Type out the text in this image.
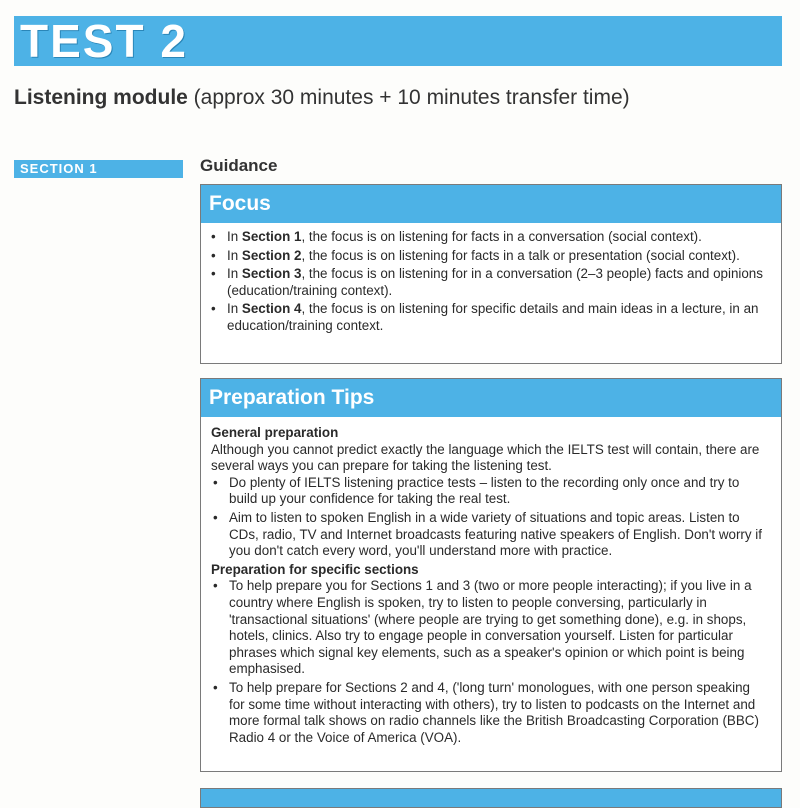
TEST 2
Listening module (approx 30 minutes + 10 minutes transfer time)
SECTION 1	Guidance
Focus
• In Section 1, the focus is on listening for facts in a conversation (social context).
• In Section 2, the focus is on listening for facts in a talk or presentation (social context).
• In Section 3, the focus is on listening for in a conversation (2–3 people) facts and opinions (education/training context).
• In Section 4, the focus is on listening for specific details and main ideas in a lecture, in an education/training context.
Preparation Tips
General preparation
Although you cannot predict exactly the language which the IELTS test will contain, there are several ways you can prepare for taking the listening test.
• Do plenty of IELTS listening practice tests – listen to the recording only once and try to build up your confidence for taking the real test.
• Aim to listen to spoken English in a wide variety of situations and topic areas. Listen to CDs, radio, TV and Internet broadcasts featuring native speakers of English. Don't worry if you don't catch every word, you'll understand more with practice.
Preparation for specific sections
• To help prepare you for Sections 1 and 3 (two or more people interacting); if you live in a country where English is spoken, try to listen to people conversing, particularly in 'transactional situations' (where people are trying to get something done), e.g. in shops, hotels, clinics. Also try to engage people in conversation yourself. Listen for particular phrases which signal key elements, such as a speaker's opinion or which point is being emphasised.
• To help prepare for Sections 2 and 4, ('long turn' monologues, with one person speaking for some time without interacting with others), try to listen to podcasts on the Internet and more formal talk shows on radio channels like the British Broadcasting Corporation (BBC) Radio 4 or the Voice of America (VOA).
